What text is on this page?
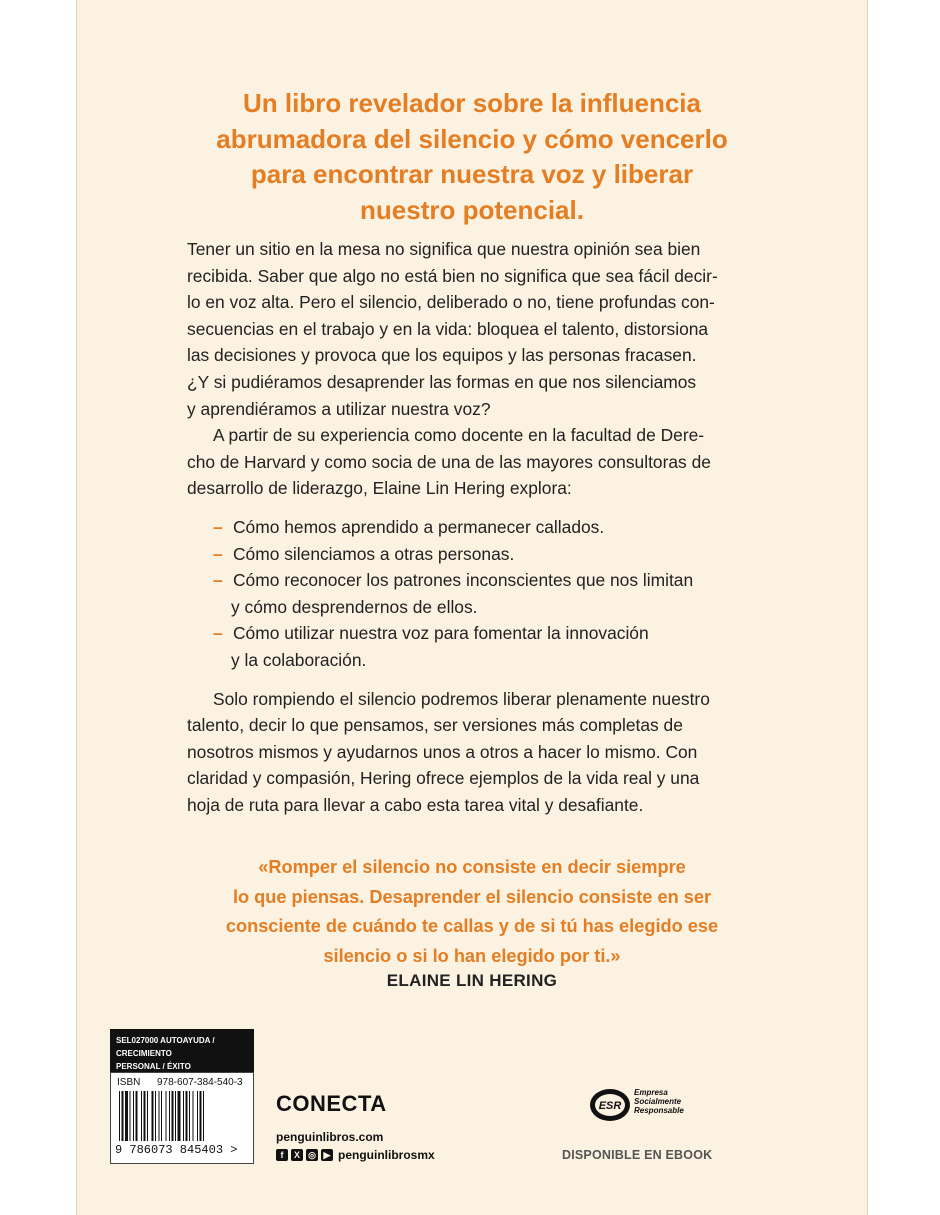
Un libro revelador sobre la influencia
abrumadora del silencio y cómo vencerlo
para encontrar nuestra voz y liberar
nuestro potencial.
Tener un sitio en la mesa no significa que nuestra opinión sea bien
recibida. Saber que algo no está bien no significa que sea fácil decir-
lo en voz alta. Pero el silencio, deliberado o no, tiene profundas con-
secuencias en el trabajo y en la vida: bloquea el talento, distorsiona
las decisiones y provoca que los equipos y las personas fracasen.
¿Y si pudiéramos desaprender las formas en que nos silenciamos
y aprendiéramos a utilizar nuestra voz?
A partir de su experiencia como docente en la facultad de Dere-
cho de Harvard y como socia de una de las mayores consultoras de
desarrollo de liderazgo, Elaine Lin Hering explora:
– Cómo hemos aprendido a permanecer callados.
– Cómo silenciamos a otras personas.
– Cómo reconocer los patrones inconscientes que nos limitan
y cómo desprendernos de ellos.
– Cómo utilizar nuestra voz para fomentar la innovación
y la colaboración.
Solo rompiendo el silencio podremos liberar plenamente nuestro
talento, decir lo que pensamos, ser versiones más completas de
nosotros mismos y ayudarnos unos a otros a hacer lo mismo. Con
claridad y compasión, Hering ofrece ejemplos de la vida real y una
hoja de ruta para llevar a cabo esta tarea vital y desafiante.
«Romper el silencio no consiste en decir siempre
lo que piensas. Desaprender el silencio consiste en ser
consciente de cuándo te callas y de si tú has elegido ese
silencio o si lo han elegido por ti.»
ELAINE LIN HERING
SEL027000 AUTOAYUDA / CRECIMIENTO
PERSONAL / ÉXITO
ISBN 978-607-384-540-3
9 786073 845403 >
CONECTA
penguinlibros.com
f	X ◎ ▶ penguinlibrosmx
ESR
Empresa
Socialmente
Responsable
DISPONIBLE EN EBOOK
